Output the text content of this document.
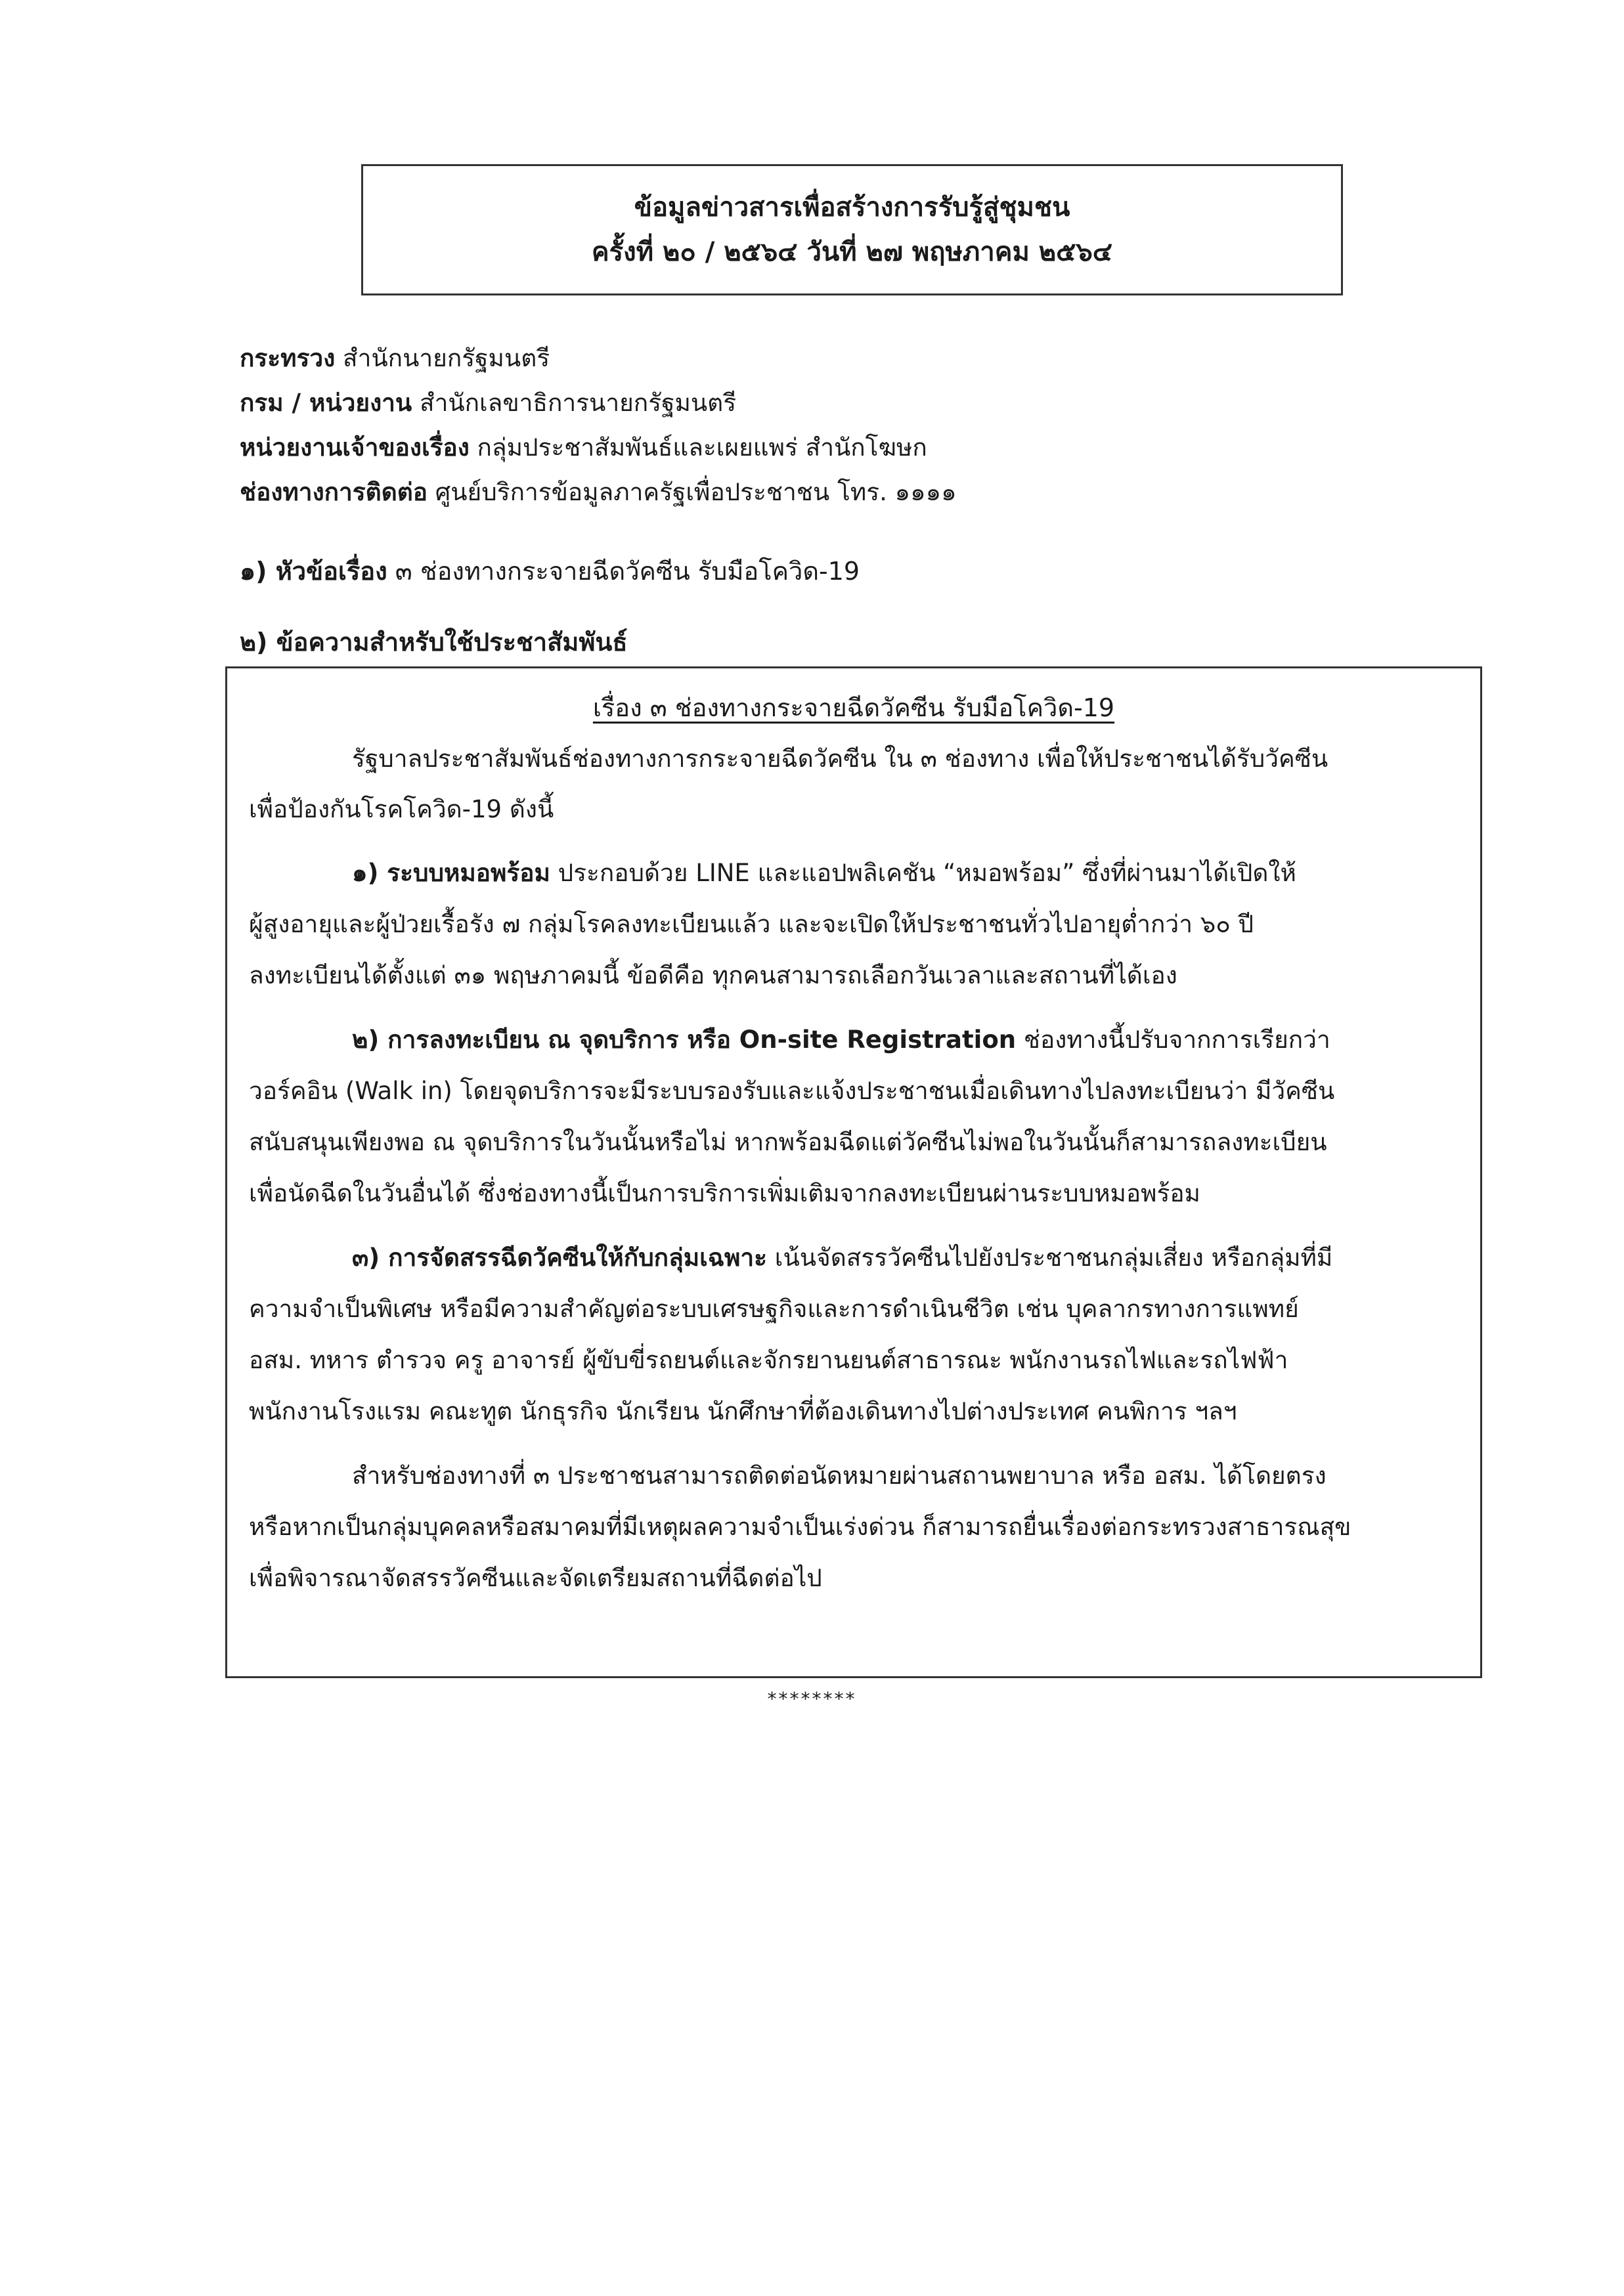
ข้อมูลข่าวสารเพื่อสร้างการรับรู้สู่ชุมชน
ครั้งที่ ๒๐ / ๒๕๖๔ วันที่ ๒๗ พฤษภาคม ๒๕๖๔
กระทรวง สำนักนายกรัฐมนตรี
กรม / หน่วยงาน สำนักเลขาธิการนายกรัฐมนตรี
หน่วยงานเจ้าของเรื่อง กลุ่มประชาสัมพันธ์และเผยแพร่ สำนักโฆษก
ช่องทางการติดต่อ ศูนย์บริการข้อมูลภาครัฐเพื่อประชาชน โทร. ๑๑๑๑
๑) หัวข้อเรื่อง ๓ ช่องทางกระจายฉีดวัคซีน รับมือโควิด-19
๒) ข้อความสำหรับใช้ประชาสัมพันธ์
เรื่อง ๓ ช่องทางกระจายฉีดวัคซีน รับมือโควิด-19
รัฐบาลประชาสัมพันธ์ช่องทางการกระจายฉีดวัคซีน ใน ๓ ช่องทาง เพื่อให้ประชาชนได้รับวัคซีน
เพื่อป้องกันโรคโควิด-19 ดังนี้
๑) ระบบหมอพร้อม ประกอบด้วย LINE และแอปพลิเคชัน “หมอพร้อม” ซึ่งที่ผ่านมาได้เปิดให้
ผู้สูงอายุและผู้ป่วยเรื้อรัง ๗ กลุ่มโรคลงทะเบียนแล้ว และจะเปิดให้ประชาชนทั่วไปอายุต่ำกว่า ๖๐ ปี
ลงทะเบียนได้ตั้งแต่ ๓๑ พฤษภาคมนี้ ข้อดีคือ ทุกคนสามารถเลือกวันเวลาและสถานที่ได้เอง
๒) การลงทะเบียน ณ จุดบริการ หรือ On-site Registration ช่องทางนี้ปรับจากการเรียกว่า
วอร์คอิน (Walk in) โดยจุดบริการจะมีระบบรองรับและแจ้งประชาชนเมื่อเดินทางไปลงทะเบียนว่า มีวัคซีน
สนับสนุนเพียงพอ ณ จุดบริการในวันนั้นหรือไม่ หากพร้อมฉีดแต่วัคซีนไม่พอในวันนั้นก็สามารถลงทะเบียน
เพื่อนัดฉีดในวันอื่นได้ ซึ่งช่องทางนี้เป็นการบริการเพิ่มเติมจากลงทะเบียนผ่านระบบหมอพร้อม
๓) การจัดสรรฉีดวัคซีนให้กับกลุ่มเฉพาะ เน้นจัดสรรวัคซีนไปยังประชาชนกลุ่มเสี่ยง หรือกลุ่มที่มี
ความจำเป็นพิเศษ หรือมีความสำคัญต่อระบบเศรษฐกิจและการดำเนินชีวิต เช่น บุคลากรทางการแพทย์
อสม. ทหาร ตำรวจ ครู อาจารย์ ผู้ขับขี่รถยนต์และจักรยานยนต์สาธารณะ พนักงานรถไฟและรถไฟฟ้า
พนักงานโรงแรม คณะทูต นักธุรกิจ นักเรียน นักศึกษาที่ต้องเดินทางไปต่างประเทศ คนพิการ ฯลฯ
สำหรับช่องทางที่ ๓ ประชาชนสามารถติดต่อนัดหมายผ่านสถานพยาบาล หรือ อสม. ได้โดยตรง
หรือหากเป็นกลุ่มบุคคลหรือสมาคมที่มีเหตุผลความจำเป็นเร่งด่วน ก็สามารถยื่นเรื่องต่อกระทรวงสาธารณสุข
เพื่อพิจารณาจัดสรรวัคซีนและจัดเตรียมสถานที่ฉีดต่อไป
********
